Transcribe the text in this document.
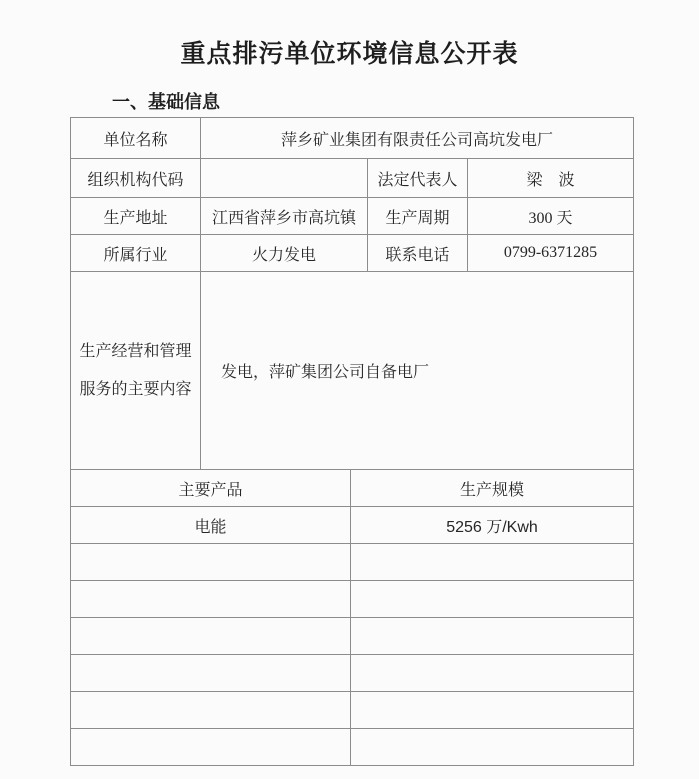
重点排污单位环境信息公开表
一、基础信息
单位名称	萍乡矿业集团有限责任公司高坑发电厂		
组织机构代码		法定代表人	梁　波
生产地址	江西省萍乡市高坑镇	生产周期	300 天
所属行业	火力发电	联系电话	0799-6371285

生产经营和管理
服务的主要内容	发电，萍矿集团公司自备电厂		
主要产品	生产规模
电能	5256 万/Kwh
